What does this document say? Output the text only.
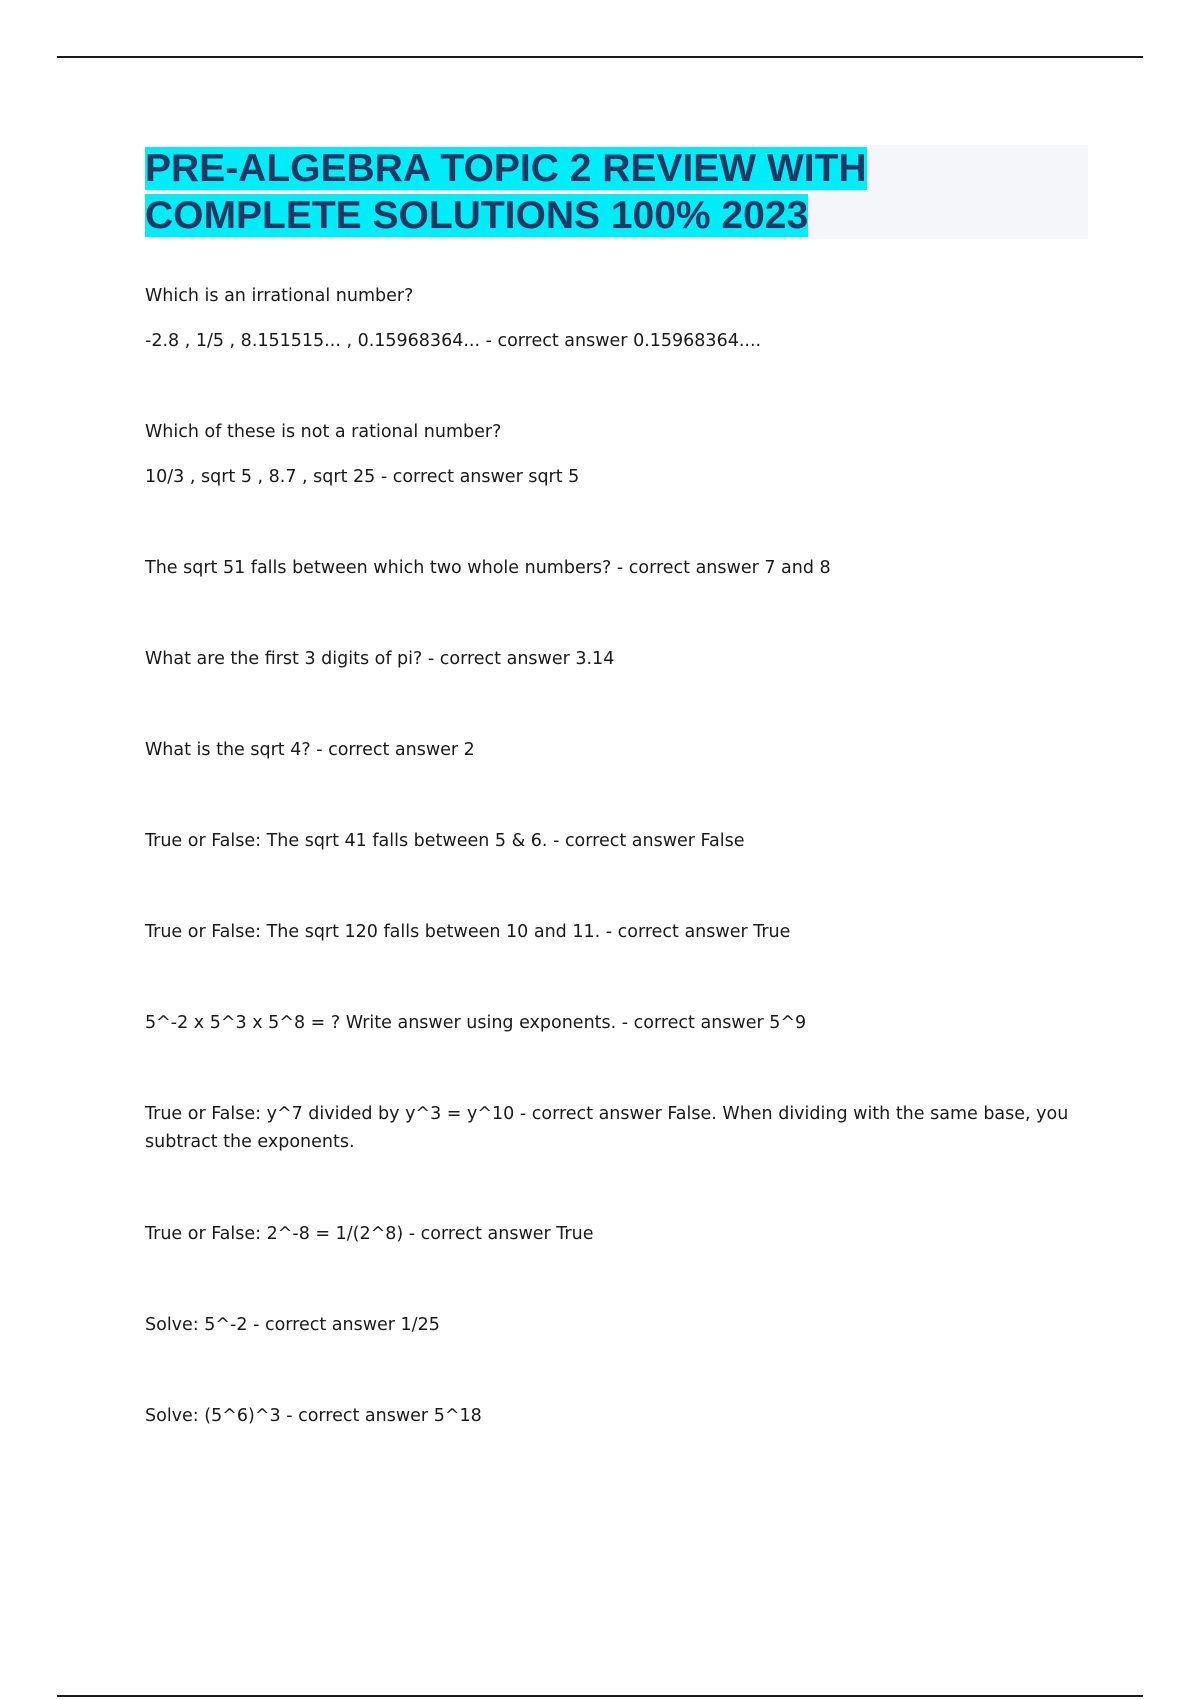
PRE-ALGEBRA TOPIC 2 REVIEW WITH COMPLETE SOLUTIONS 100% 2023

Which is an irrational number?

-2.8 , 1/5 , 8.151515... , 0.15968364... - correct answer 0.15968364....

Which of these is not a rational number?

10/3 , sqrt 5 , 8.7 , sqrt 25 - correct answer sqrt 5

The sqrt 51 falls between which two whole numbers? - correct answer 7 and 8

What are the first 3 digits of pi? - correct answer 3.14

What is the sqrt 4? - correct answer 2

True or False: The sqrt 41 falls between 5 & 6. - correct answer False

True or False: The sqrt 120 falls between 10 and 11. - correct answer True

5^-2 x 5^3 x 5^8 = ? Write answer using exponents. - correct answer 5^9

True or False: y^7 divided by y^3 = y^10 - correct answer False. When dividing with the same base, you subtract the exponents.

True or False: 2^-8 = 1/(2^8) - correct answer True

Solve: 5^-2 - correct answer 1/25

Solve: (5^6)^3 - correct answer 5^18
